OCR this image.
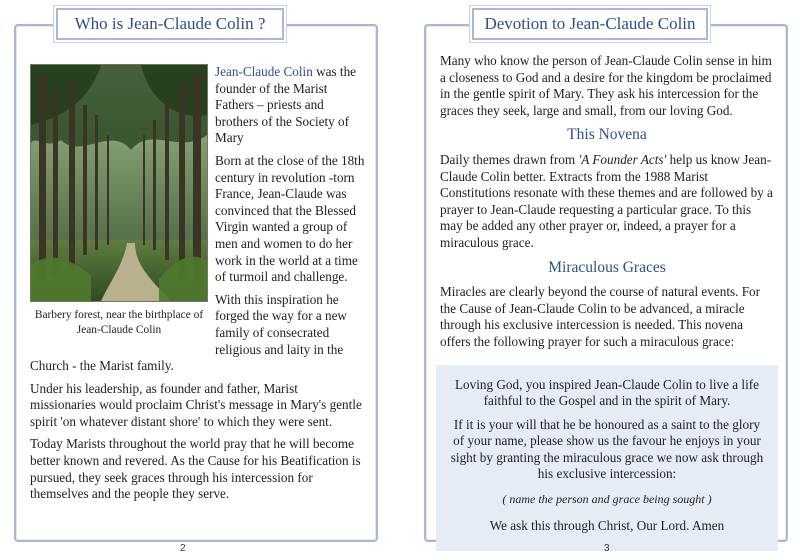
Who is Jean-Claude Colin ?
Barbery forest, near the birthplace of Jean-Claude Colin

Jean-Claude Colin was the founder of the Marist Fathers – priests and brothers of the Society of Mary

Born at the close of the 18th century in revolution -torn France, Jean-Claude was convinced that the Blessed Virgin wanted a group of men and women to do her work in the world at a time of turmoil and challenge.

With this inspiration he forged the way for a new family of consecrated religious and laity in the Church - the Marist family.

Under his leadership, as founder and father, Marist missionaries would proclaim Christ's message in Mary's gentle spirit 'on whatever distant shore' to which they were sent.

Today Marists throughout the world pray that he will become better known and revered. As the Cause for his Beatification is pursued, they seek graces through his intercession for themselves and the people they serve.

2
Devotion to Jean-Claude Colin

Many who know the person of Jean-Claude Colin sense in him a closeness to God and a desire for the kingdom be proclaimed in the gentle spirit of Mary. They ask his intercession for the graces they seek, large and small, from our loving God.

This Novena

Daily themes drawn from 'A Founder Acts' help us know Jean-Claude Colin better. Extracts from the 1988 Marist Constitutions resonate with these themes and are followed by a prayer to Jean-Claude requesting a particular grace. To this may be added any other prayer or, indeed, a prayer for a miraculous grace.

Miraculous Graces

Miracles are clearly beyond the course of natural events. For the Cause of Jean-Claude Colin to be advanced, a miracle through his exclusive intercession is needed. This novena offers the following prayer for such a miraculous grace:

Loving God, you inspired Jean-Claude Colin to live a life faithful to the Gospel and in the spirit of Mary.

If it is your will that he be honoured as a saint to the glory of your name, please show us the favour he enjoys in your sight by granting the miraculous grace we now ask through his exclusive intercession:

( name the person and grace being sought )

We ask this through Christ, Our Lord. Amen

3
